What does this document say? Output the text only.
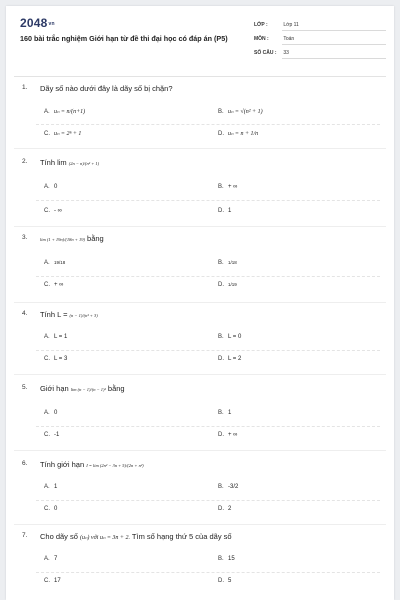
2048vn
160 bài trắc nghiệm Giới hạn từ đề thi đại học có đáp án (P5)
LỚP :	Lớp 11
MÔN :	Toán
SỐ CÂU : 33
1. Dãy số nào dưới đây là dãy số bị chặn?
A. uₙ = n/(n+1)	B. uₙ = √(n² + 1)
C. uₙ = 2ⁿ + 1	D. uₙ = n + 1/n
2. Tính lim (2n − n)/(n² + 1)
A. 0	B. + ∞
C. - ∞	D. 1
3.	lim (1 + 19n)/(18n + 19) bằng
A. 19/18	B. 1/18
C. + ∞	D. 1/19
4. Tính L = (n − 1)/(n³ + 3)
A. L = 1	B. L = 0
C. L = 3	D. L = 2
5. Giới hạn lim (n − 1)/(n − 1)² bằng
A. 0	B. 1
C. -1	D. + ∞
6. Tính giới hạn I = lim (2n² − 3n + 5)/(2n + n²)
A. 1	B. -3/2
C. 0	D. 2
7. Cho dãy số (uₙ) với uₙ = 3n + 2. Tìm số hạng thứ 5 của dãy số
A. 7	B. 15
C. 17	D. 5
